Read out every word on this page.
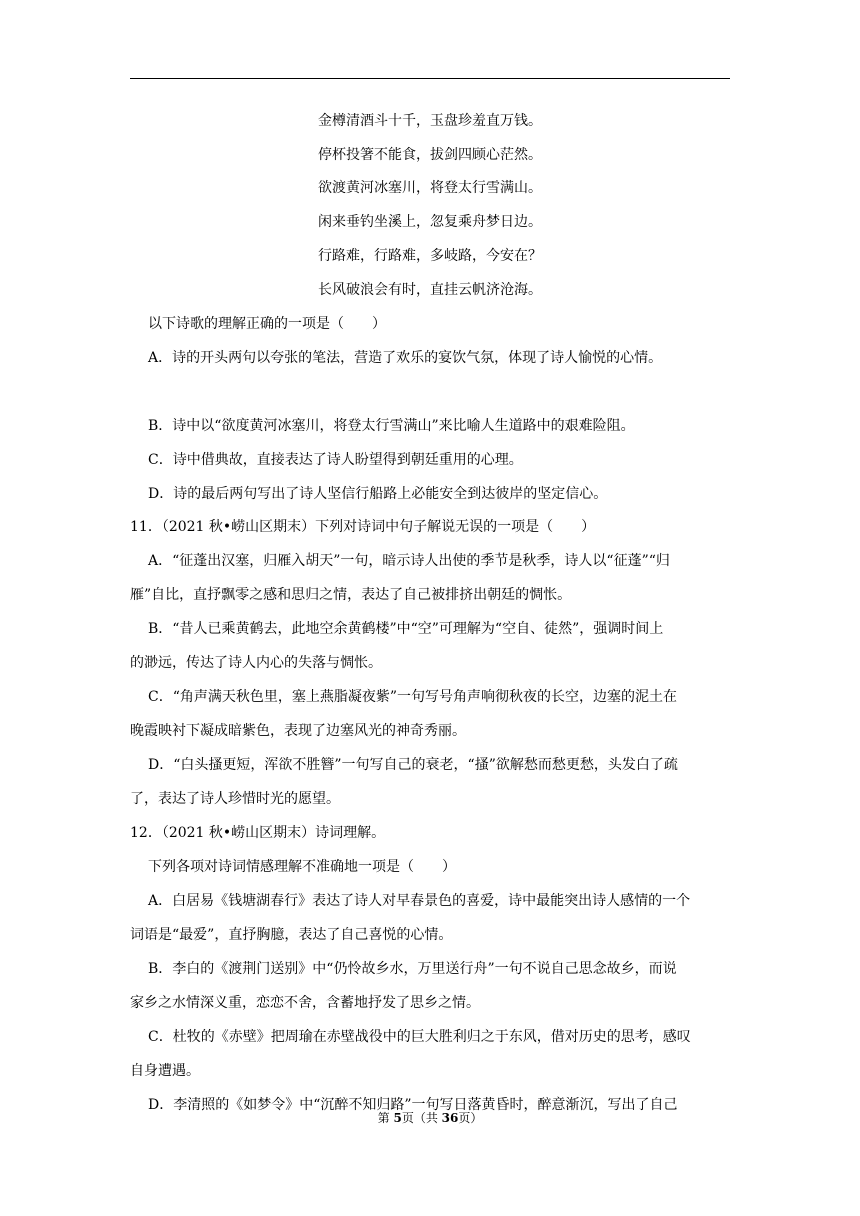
金樽清酒斗十千，玉盘珍羞直万钱。
停杯投箸不能食，拔剑四顾心茫然。
欲渡黄河冰塞川，将登太行雪满山。
闲来垂钓坐溪上，忽复乘舟梦日边。
行路难，行路难，多岐路，今安在？
长风破浪会有时，直挂云帆济沧海。
以下诗歌的理解正确的一项是（　　）
A．诗的开头两句以夸张的笔法，营造了欢乐的宴饮气氛，体现了诗人愉悦的心情。
B．诗中以“欲度黄河冰塞川，将登太行雪满山”来比喻人生道路中的艰难险阻。
C．诗中借典故，直接表达了诗人盼望得到朝廷重用的心理。
D．诗的最后两句写出了诗人坚信行船路上必能安全到达彼岸的坚定信心。
11．（2021 秋•崂山区期末）下列对诗词中句子解说无误的一项是（　　）
A．“征蓬出汉塞，归雁入胡天”一句，暗示诗人出使的季节是秋季，诗人以“征蓬”“归
雁”自比，直抒飘零之感和思归之情，表达了自己被排挤出朝廷的惆怅。
B．“昔人已乘黄鹤去，此地空余黄鹤楼”中“空”可理解为“空自、徒然”，强调时间上
的渺远，传达了诗人内心的失落与惆怅。
C．“角声满天秋色里，塞上燕脂凝夜紫”一句写号角声响彻秋夜的长空，边塞的泥土在
晚霞映衬下凝成暗紫色，表现了边塞风光的神奇秀丽。
D．“白头搔更短，浑欲不胜簪”一句写自己的衰老，“搔”欲解愁而愁更愁，头发白了疏
了，表达了诗人珍惜时光的愿望。
12．（2021 秋•崂山区期末）诗词理解。
下列各项对诗词情感理解不准确地一项是（　　）
A．白居易《钱塘湖春行》表达了诗人对早春景色的喜爱，诗中最能突出诗人感情的一个
词语是“最爱”，直抒胸臆，表达了自己喜悦的心情。
B．李白的《渡荆门送别》中“仍怜故乡水，万里送行舟”一句不说自己思念故乡，而说
家乡之水情深义重，恋恋不舍，含蓄地抒发了思乡之情。
C．杜牧的《赤壁》把周瑜在赤壁战役中的巨大胜利归之于东风，借对历史的思考，感叹
自身遭遇。
D．李清照的《如梦令》中“沉醉不知归路”一句写日落黄昏时，醉意渐沉，写出了自己
第 5页（共 36页）
